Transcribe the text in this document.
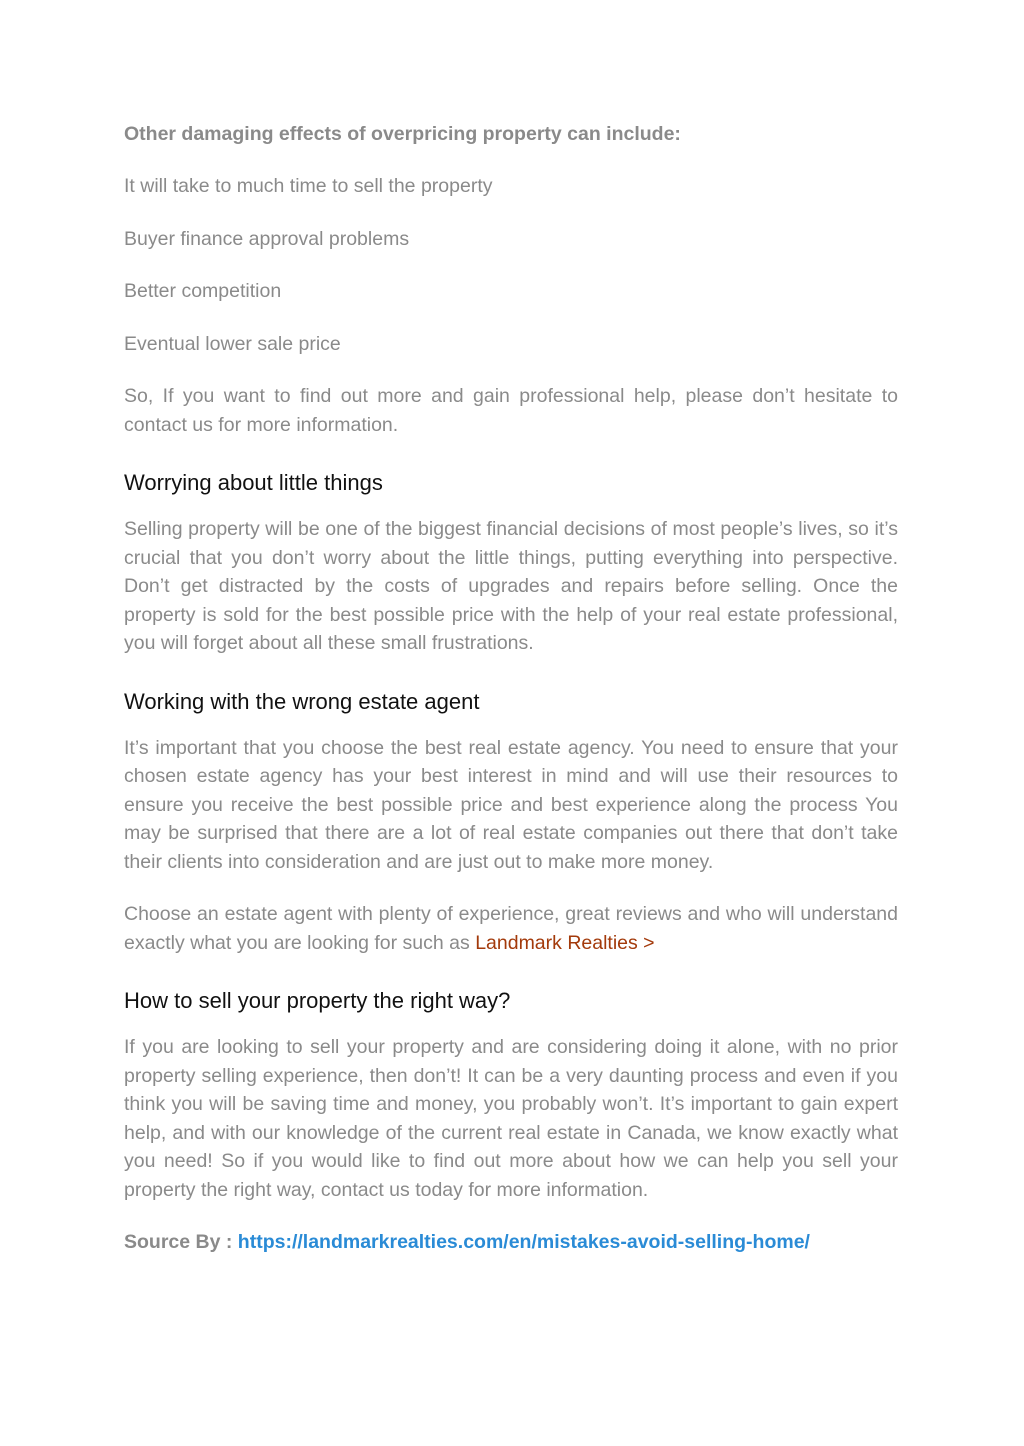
Other damaging effects of overpricing property can include:

It will take to much time to sell the property

Buyer finance approval problems

Better competition

Eventual lower sale price

So, If you want to find out more and gain professional help, please don’t hesitate to contact us for more information.

Worrying about little things

Selling property will be one of the biggest financial decisions of most people’s lives, so it’s crucial that you don’t worry about the little things, putting everything into perspective. Don’t get distracted by the costs of upgrades and repairs before selling. Once the property is sold for the best possible price with the help of your real estate professional, you will forget about all these small frustrations.

Working with the wrong estate agent

It’s important that you choose the best real estate agency. You need to ensure that your chosen estate agency has your best interest in mind and will use their resources to ensure you receive the best possible price and best experience along the process You may be surprised that there are a lot of real estate companies out there that don’t take their clients into consideration and are just out to make more money.

Choose an estate agent with plenty of experience, great reviews and who will understand exactly what you are looking for such as Landmark Realties >

How to sell your property the right way?

If you are looking to sell your property and are considering doing it alone, with no prior property selling experience, then don’t! It can be a very daunting process and even if you think you will be saving time and money, you probably won’t. It’s important to gain expert help, and with our knowledge of the current real estate in Canada, we know exactly what you need! So if you would like to find out more about how we can help you sell your property the right way, contact us today for more information.

Source By : https://landmarkrealties.com/en/mistakes-avoid-selling-home/
